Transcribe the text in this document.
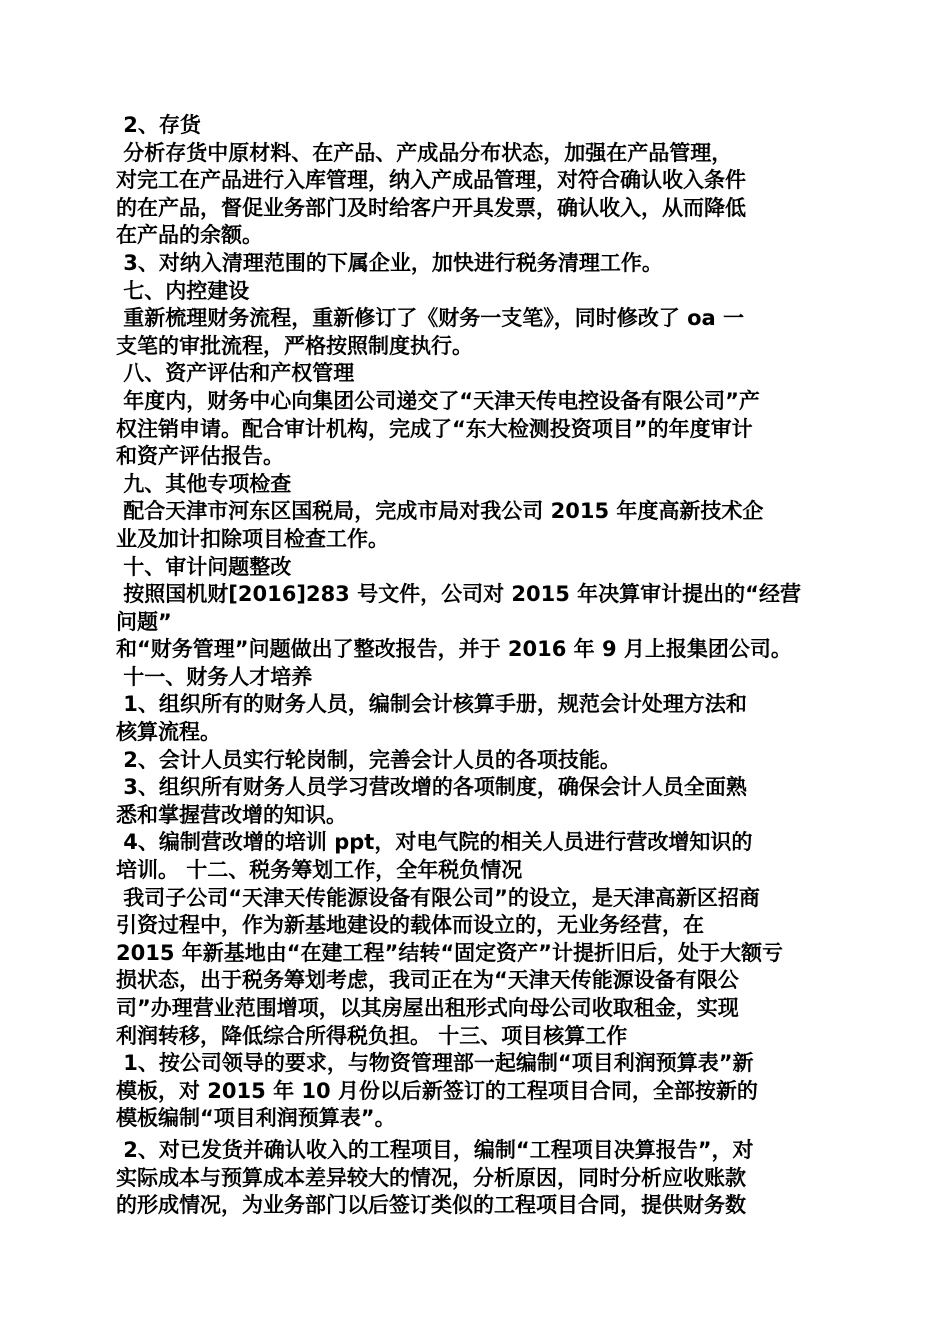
2、存货
分析存货中原材料、在产品、产成品分布状态，加强在产品管理，
对完工在产品进行入库管理，纳入产成品管理，对符合确认收入条件
的在产品，督促业务部门及时给客户开具发票，确认收入，从而降低
在产品的余额。
3、对纳入清理范围的下属企业，加快进行税务清理工作。
七、内控建设
重新梳理财务流程，重新修订了《财务一支笔》，同时修改了 oa 一
支笔的审批流程，严格按照制度执行。
八、资产评估和产权管理
年度内，财务中心向集团公司递交了“天津天传电控设备有限公司”产
权注销申请。配合审计机构，完成了“东大检测投资项目”的年度审计
和资产评估报告。
九、其他专项检查
配合天津市河东区国税局，完成市局对我公司 2015 年度高新技术企
业及加计扣除项目检查工作。
十、审计问题整改
按照国机财[2016]283 号文件，公司对 2015 年决算审计提出的“经营
问题”
和“财务管理”问题做出了整改报告，并于 2016 年 9 月上报集团公司。
十一、财务人才培养
1、组织所有的财务人员，编制会计核算手册，规范会计处理方法和
核算流程。
2、会计人员实行轮岗制，完善会计人员的各项技能。
3、组织所有财务人员学习营改增的各项制度，确保会计人员全面熟
悉和掌握营改增的知识。
4、编制营改增的培训 ppt，对电气院的相关人员进行营改增知识的
培训。 十二、税务筹划工作，全年税负情况
我司子公司“天津天传能源设备有限公司”的设立，是天津高新区招商
引资过程中，作为新基地建设的载体而设立的，无业务经营，在
2015 年新基地由“在建工程”结转“固定资产”计提折旧后，处于大额亏
损状态，出于税务筹划考虑，我司正在为“天津天传能源设备有限公
司”办理营业范围增项，以其房屋出租形式向母公司收取租金，实现
利润转移，降低综合所得税负担。 十三、项目核算工作
1、按公司领导的要求，与物资管理部一起编制“项目利润预算表”新
模板，对 2015 年 10 月份以后新签订的工程项目合同，全部按新的
模板编制“项目利润预算表”。
2、对已发货并确认收入的工程项目，编制“工程项目决算报告”，对
实际成本与预算成本差异较大的情况，分析原因，同时分析应收账款
的形成情况，为业务部门以后签订类似的工程项目合同，提供财务数
